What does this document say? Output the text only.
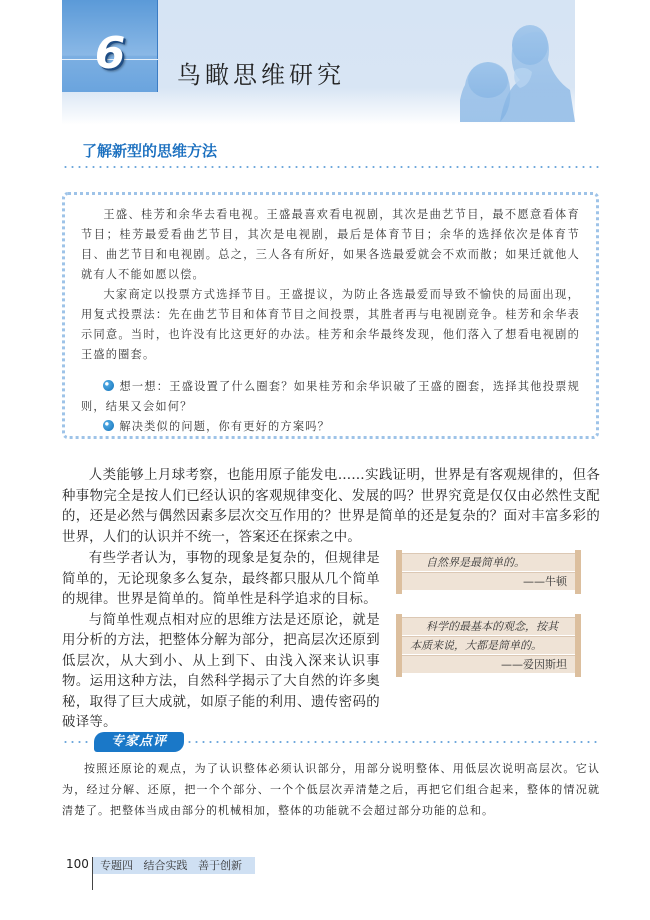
6	鸟瞰思维研究
了解新型的思维方法

王盛、桂芳和余华去看电视。王盛最喜欢看电视剧，其次是曲艺节目，最不愿意看体育节目；桂芳最爱看曲艺节目，其次是电视剧，最后是体育节目；余华的选择依次是体育节目、曲艺节目和电视剧。总之，三人各有所好，如果各选最爱就会不欢而散；如果迁就他人就有人不能如愿以偿。

大家商定以投票方式选择节目。王盛提议，为防止各选最爱而导致不愉快的局面出现，用复式投票法：先在曲艺节目和体育节目之间投票，其胜者再与电视剧竞争。桂芳和余华表示同意。当时，也许没有比这更好的办法。桂芳和余华最终发现，他们落入了想看电视剧的王盛的圈套。

想一想：王盛设置了什么圈套？如果桂芳和余华识破了王盛的圈套，选择其他投票规则，结果又会如何？

解决类似的问题，你有更好的方案吗？

人类能够上月球考察，也能用原子能发电……实践证明，世界是有客观规律的，但各种事物完全是按人们已经认识的客观规律变化、发展的吗？世界究竟是仅仅由必然性支配的，还是必然与偶然因素多层次交互作用的？世界是简单的还是复杂的？面对丰富多彩的世界，人们的认识并不统一，答案还在探索之中。

有些学者认为，事物的现象是复杂的，但规律是简单的，无论现象多么复杂，最终都只服从几个简单的规律。世界是简单的。简单性是科学追求的目标。

与简单性观点相对应的思维方法是还原论，就是用分析的方法，把整体分解为部分，把高层次还原到低层次，从大到小、从上到下、由浅入深来认识事物。运用这种方法，自然科学揭示了大自然的许多奥秘，取得了巨大成就，如原子能的利用、遗传密码的破译等。

自然界是最简单的。
——牛顿
科学的最基本的观念，按其
本质来说，大都是简单的。
——爱因斯坦
专家点评

按照还原论的观点，为了认识整体必须认识部分，用部分说明整体、用低层次说明高层次。它认为，经过分解、还原，把一个个部分、一个个低层次弄清楚之后，再把它们组合起来，整体的情况就清楚了。把整体当成由部分的机械相加，整体的功能就不会超过部分功能的总和。

100	专题四   结合实践   善于创新
